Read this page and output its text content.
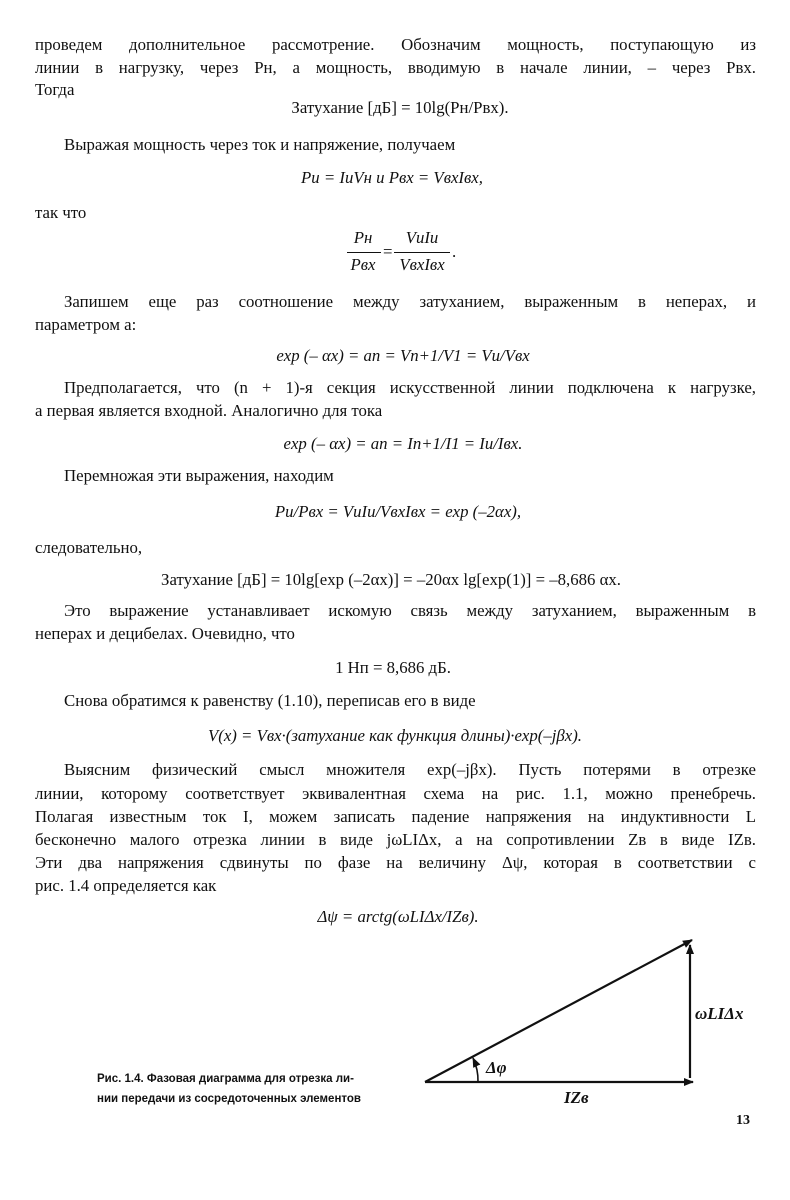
проведем дополнительное рассмотрение. Обозначим мощность, поступающую из
линии в нагрузку, через Pн, а мощность, вводимую в начале линии, – через Pвх.
Тогда
Затухание [дБ] = 10lg(Pн/Pвх).
Выражая мощность через ток и напряжение, получаем
Pи = IиVн и Pвх = VвхIвх,
так что
Pн
Pвх
=
VиIи
VвхIвх
.
Запишем еще раз соотношение между затуханием, выраженным в неперах, и
параметром a:
exp (– αx) = an = Vn+1/V1 = Vи/Vвх
Предполагается, что (n + 1)-я секция искусственной линии подключена к нагрузке,
а первая является входной. Аналогично для тока
exp (– αx) = an = In+1/I1 = Iи/Iвх.
Перемножая эти выражения, находим
Pи/Pвх = VиIи/VвхIвх = exp (–2αx),
следовательно,
Затухание [дБ] = 10lg[exp (–2αx)] = –20αx lg[exp(1)] = –8,686 αx.
Это выражение устанавливает искомую связь между затуханием, выраженным в
неперах и децибелах. Очевидно, что
1 Нп = 8,686 дБ.
Снова обратимся к равенству (1.10), переписав его в виде
V(x) = Vвх·(затухание как функция длины)·exp(–jβx).
Выясним физический смысл множителя exp(–jβx). Пусть потерями в отрезке
линии, которому соответствует эквивалентная схема на рис. 1.1, можно пренебречь.
Полагая известным ток I, можем записать падение напряжения на индуктивности L
бесконечно малого отрезка линии в виде jωLIΔx, а на сопротивлении Zв в виде IZв.
Эти два напряжения сдвинуты по фазе на величину Δψ, которая в соответствии с
рис. 1.4 определяется как
Δψ = arctg(ωLIΔx/IZв).
ωLIΔx
IZв
Δφ
Рис. 1.4. Фазовая диаграмма для отрезка ли-
нии передачи из сосредоточенных элементов
13
